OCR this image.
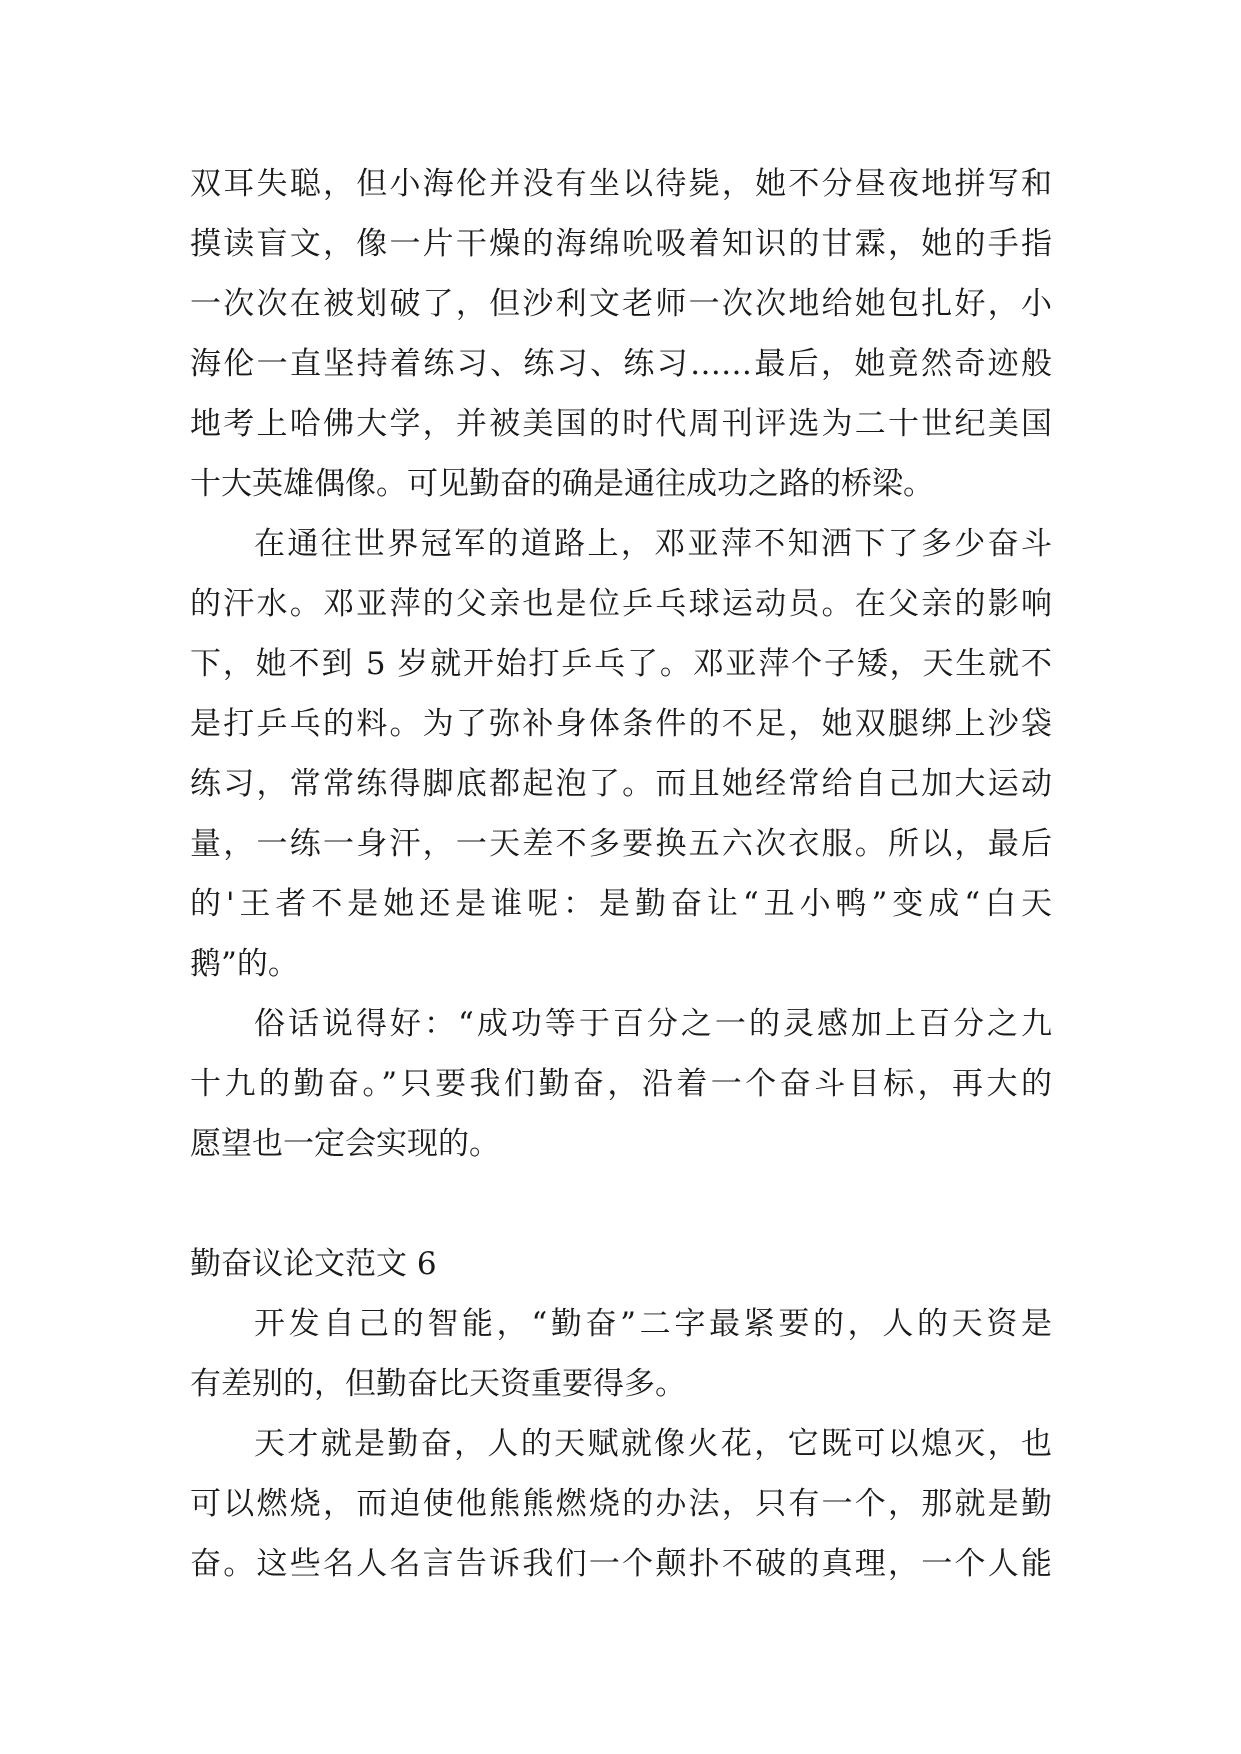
双耳失聪，但小海伦并没有坐以待毙，她不分昼夜地拼写和
摸读盲文，像一片干燥的海绵吮吸着知识的甘霖，她的手指
一次次在被划破了，但沙利文老师一次次地给她包扎好，小
海伦一直坚持着练习、练习、练习……最后，她竟然奇迹般
地考上哈佛大学，并被美国的时代周刊评选为二十世纪美国
十大英雄偶像。可见勤奋的确是通往成功之路的桥梁。
在通往世界冠军的道路上，邓亚萍不知洒下了多少奋斗
的汗水。邓亚萍的父亲也是位乒乓球运动员。在父亲的影响
下，她不到 5 岁就开始打乒乓了。邓亚萍个子矮，天生就不
是打乒乓的料。为了弥补身体条件的不足，她双腿绑上沙袋
练习，常常练得脚底都起泡了。而且她经常给自己加大运动
量，一练一身汗，一天差不多要换五六次衣服。所以，最后
的'王者不是她还是谁呢：是勤奋让“丑小鸭”变成“白天
鹅”的。
俗话说得好：“成功等于百分之一的灵感加上百分之九
十九的勤奋。”只要我们勤奋，沿着一个奋斗目标，再大的
愿望也一定会实现的。
勤奋议论文范文 6
开发自己的智能，“勤奋”二字最紧要的，人的天资是
有差别的，但勤奋比天资重要得多。
天才就是勤奋，人的天赋就像火花，它既可以熄灭，也
可以燃烧，而迫使他熊熊燃烧的办法，只有一个，那就是勤
奋。这些名人名言告诉我们一个颠扑不破的真理，一个人能
